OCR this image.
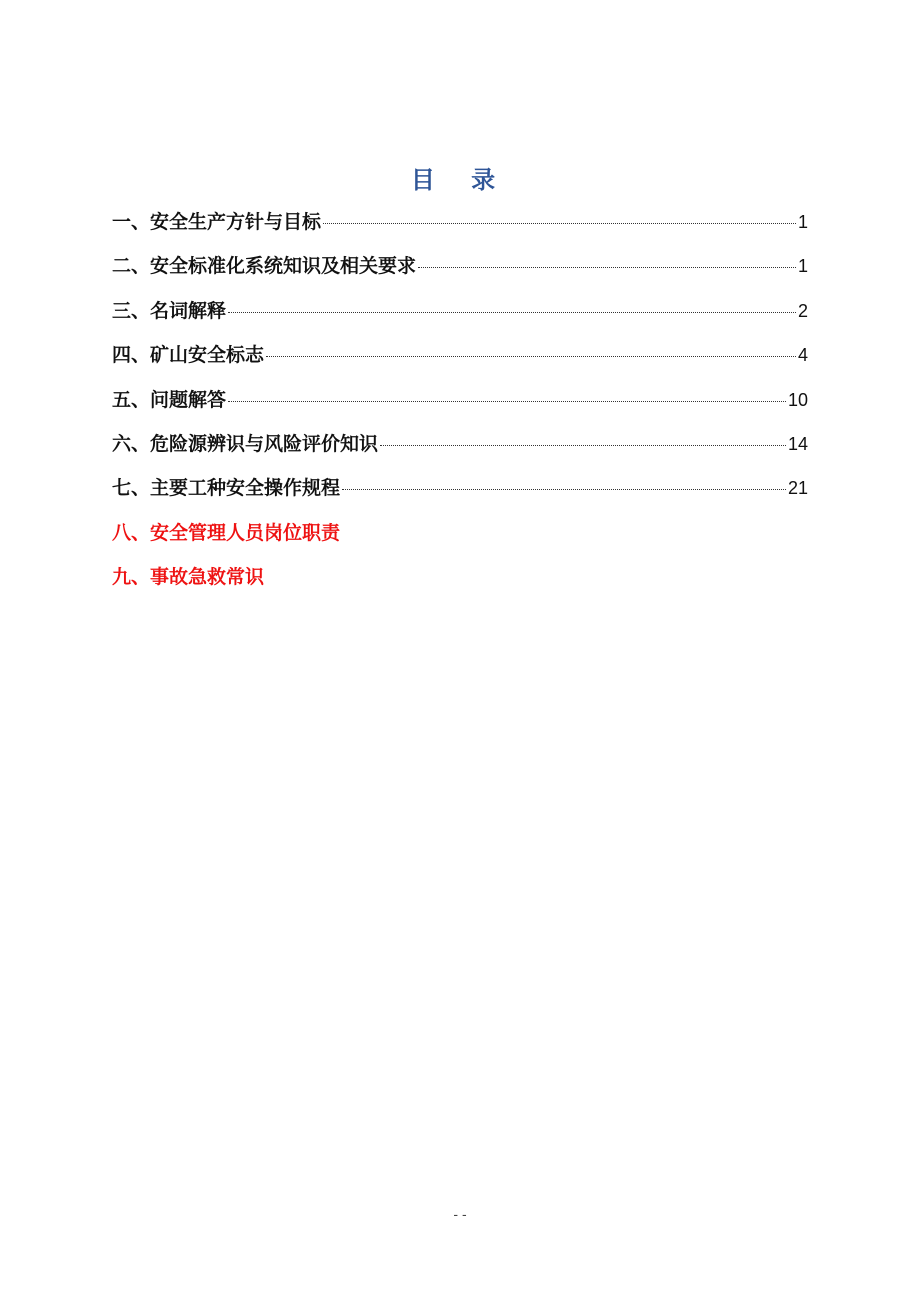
目 录
一、安全生产方针与目标	1
二、安全标准化系统知识及相关要求	1
三、名词解释	2
四、矿山安全标志	4
五、问题解答	10
六、危险源辨识与风险评价知识	14
七、主要工种安全操作规程	21
八、安全管理人员岗位职责
九、事故急救常识
- -
